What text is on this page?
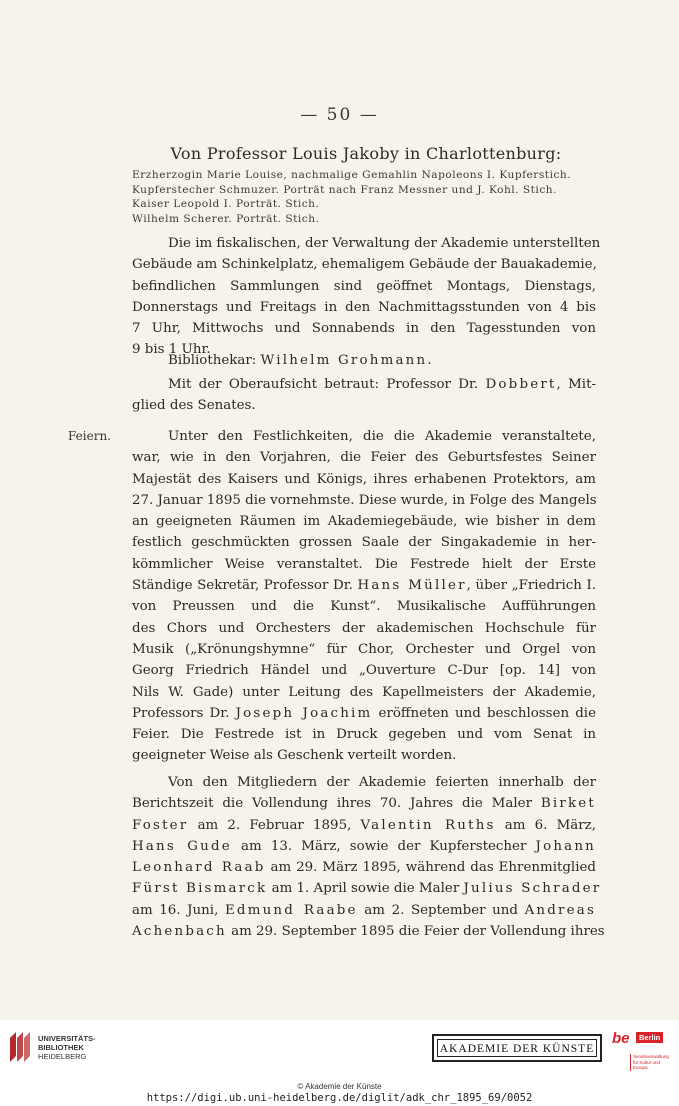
— 50 —
Von Professor Louis Jakoby in Charlottenburg:
Erzherzogin Marie Louise, nachmalige Gemahlin Napoleons I. Kupferstich.
Kupferstecher Schmuzer. Porträt nach Franz Messner und J. Kohl. Stich.
Kaiser Leopold I. Porträt. Stich.
Wilhelm Scherer. Porträt. Stich.
Die im fiskalischen, der Verwaltung der Akademie unterstellten
Gebäude am Schinkelplatz, ehemaligem Gebäude der Bauakademie,
befindlichen Sammlungen sind geöffnet Montags, Dienstags,
Donnerstags und Freitags in den Nachmittagsstunden von 4 bis
7 Uhr, Mittwochs und Sonnabends in den Tagesstunden von
9 bis 1 Uhr.
Bibliothekar: Wilhelm Grohmann.
Mit der Oberaufsicht betraut: Professor Dr. Dobbert, Mit-
glied des Senates.
Feiern.	Unter den Festlichkeiten, die die Akademie veranstaltete,
war, wie in den Vorjahren, die Feier des Geburtsfestes Seiner
Majestät des Kaisers und Königs, ihres erhabenen Protektors, am
27. Januar 1895 die vornehmste. Diese wurde, in Folge des Mangels
an geeigneten Räumen im Akademiegebäude, wie bisher in dem
festlich geschmückten grossen Saale der Singakademie in her-
kömmlicher Weise veranstaltet. Die Festrede hielt der Erste
Ständige Sekretär, Professor Dr. Hans Müller, über „Friedrich I.
von Preussen und die Kunst“. Musikalische Aufführungen
des Chors und Orchesters der akademischen Hochschule für
Musik („Krönungshymne“ für Chor, Orchester und Orgel von
Georg Friedrich Händel und „Ouverture C-Dur [op. 14] von
Nils W. Gade) unter Leitung des Kapellmeisters der Akademie,
Professors Dr. Joseph Joachim eröffneten und beschlossen die
Feier. Die Festrede ist in Druck gegeben und vom Senat in
geeigneter Weise als Geschenk verteilt worden.
Von den Mitgliedern der Akademie feierten innerhalb der
Berichtszeit die Vollendung ihres 70. Jahres die Maler Birket
Foster am 2. Februar 1895, Valentin Ruths am 6. März,
Hans Gude am 13. März, sowie der Kupferstecher Johann
Leonhard Raab am 29. März 1895, während das Ehrenmitglied
Fürst Bismarck am 1. April sowie die Maler Julius Schrader
am 16. Juni, Edmund Raabe am 2. September und Andreas
Achenbach am 29. September 1895 die Feier der Vollendung ihres
UNIVERSITÄTS-
BIBLIOTHEK
HEIDELBERG
AKADEMIE DER KÜNSTE
be	Berlin
Senatsverwaltung
für Kultur und Europa
© Akademie der Künste
https://digi.ub.uni-heidelberg.de/diglit/adk_chr_1895_69/0052
